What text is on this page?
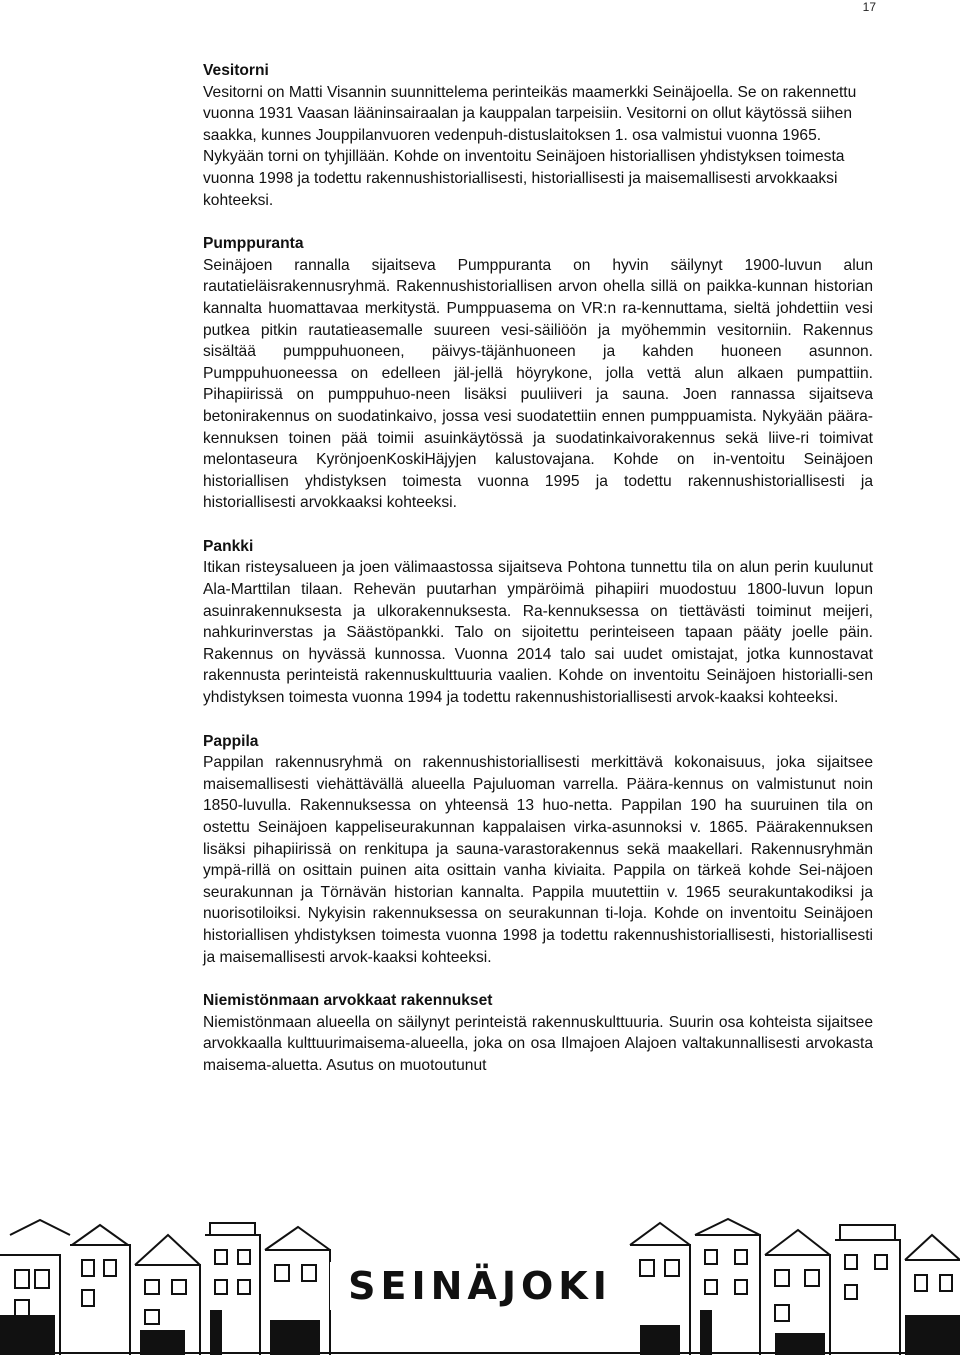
17
Vesitorni

Vesitorni on Matti Visannin suunnittelema perinteikäs maamerkki Seinäjoella. Se on rakennettu vuonna 1931 Vaasan lääninsairaalan ja kauppalan tarpeisiin. Vesitorni on ollut käytössä siihen saakka, kunnes Jouppilanvuoren vedenpuh-distuslaitoksen 1. osa valmistui vuonna 1965. Nykyään torni on tyhjillään. Kohde on inventoitu Seinäjoen historiallisen yhdistyksen toimesta vuonna 1998 ja todettu rakennushistoriallisesti, historiallisesti ja maisemallisesti arvokkaaksi kohteeksi.

Pumppuranta

Seinäjoen rannalla sijaitseva Pumppuranta on hyvin säilynyt 1900-luvun alun rautatieläisrakennusryhmä. Rakennushistoriallisen arvon ohella sillä on paikka-kunnan historian kannalta huomattavaa merkitystä. Pumppuasema on VR:n ra-kennuttama, sieltä johdettiin vesi putkea pitkin rautatieasemalle suureen vesi-säiliöön ja myöhemmin vesitorniin. Rakennus sisältää pumppuhuoneen, päivys-täjänhuoneen ja kahden huoneen asunnon. Pumppuhuoneessa on edelleen jäl-jellä höyrykone, jolla vettä alun alkaen pumpattiin. Pihapiirissä on pumppuhuo-neen lisäksi puuliiveri ja sauna. Joen rannassa sijaitseva betonirakennus on suodatinkaivo, jossa vesi suodatettiin ennen pumppuamista. Nykyään päära-kennuksen toinen pää toimii asuinkäytössä ja suodatinkaivorakennus sekä liive-ri toimivat melontaseura KyrönjoenKoskiHäjyjen kalustovajana. Kohde on in-ventoitu Seinäjoen historiallisen yhdistyksen toimesta vuonna 1995 ja todettu rakennushistoriallisesti ja historiallisesti arvokkaaksi kohteeksi.

Pankki

Itikan risteysalueen ja joen välimaastossa sijaitseva Pohtona tunnettu tila on alun perin kuulunut Ala-Marttilan tilaan. Rehevän puutarhan ympäröimä pihapiiri muodostuu 1800-luvun lopun asuinrakennuksesta ja ulkorakennuksesta. Ra-kennuksessa on tiettävästi toiminut meijeri, nahkurinverstas ja Säästöpankki. Talo on sijoitettu perinteiseen tapaan pääty joelle päin. Rakennus on hyvässä kunnossa. Vuonna 2014 talo sai uudet omistajat, jotka kunnostavat rakennusta perinteistä rakennuskulttuuria vaalien. Kohde on inventoitu Seinäjoen historialli-sen yhdistyksen toimesta vuonna 1994 ja todettu rakennushistoriallisesti arvok-kaaksi kohteeksi.

Pappila

Pappilan rakennusryhmä on rakennushistoriallisesti merkittävä kokonaisuus, joka sijaitsee maisemallisesti viehättävällä alueella Pajuluoman varrella. Päära-kennus on valmistunut noin 1850-luvulla. Rakennuksessa on yhteensä 13 huo-netta. Pappilan 190 ha suuruinen tila on ostettu Seinäjoen kappeliseurakunnan kappalaisen virka-asunnoksi v. 1865. Päärakennuksen lisäksi pihapiirissä on renkitupa ja sauna-varastorakennus sekä maakellari. Rakennusryhmän ympä-rillä on osittain puinen aita osittain vanha kiviaita. Pappila on tärkeä kohde Sei-näjoen seurakunnan ja Törnävän historian kannalta. Pappila muutettiin v. 1965 seurakuntakodiksi ja nuorisotiloiksi. Nykyisin rakennuksessa on seurakunnan ti-loja. Kohde on inventoitu Seinäjoen historiallisen yhdistyksen toimesta vuonna 1998 ja todettu rakennushistoriallisesti, historiallisesti ja maisemallisesti arvok-kaaksi kohteeksi.

Niemistönmaan arvokkaat rakennukset

Niemistönmaan alueella on säilynyt perinteistä rakennuskulttuuria. Suurin osa kohteista sijaitsee arvokkaalla kulttuurimaisema-alueella, joka on osa Ilmajoen Alajoen valtakunnallisesti arvokasta maisema-aluetta. Asutus on muotoutunut

SEINÄJOKI
